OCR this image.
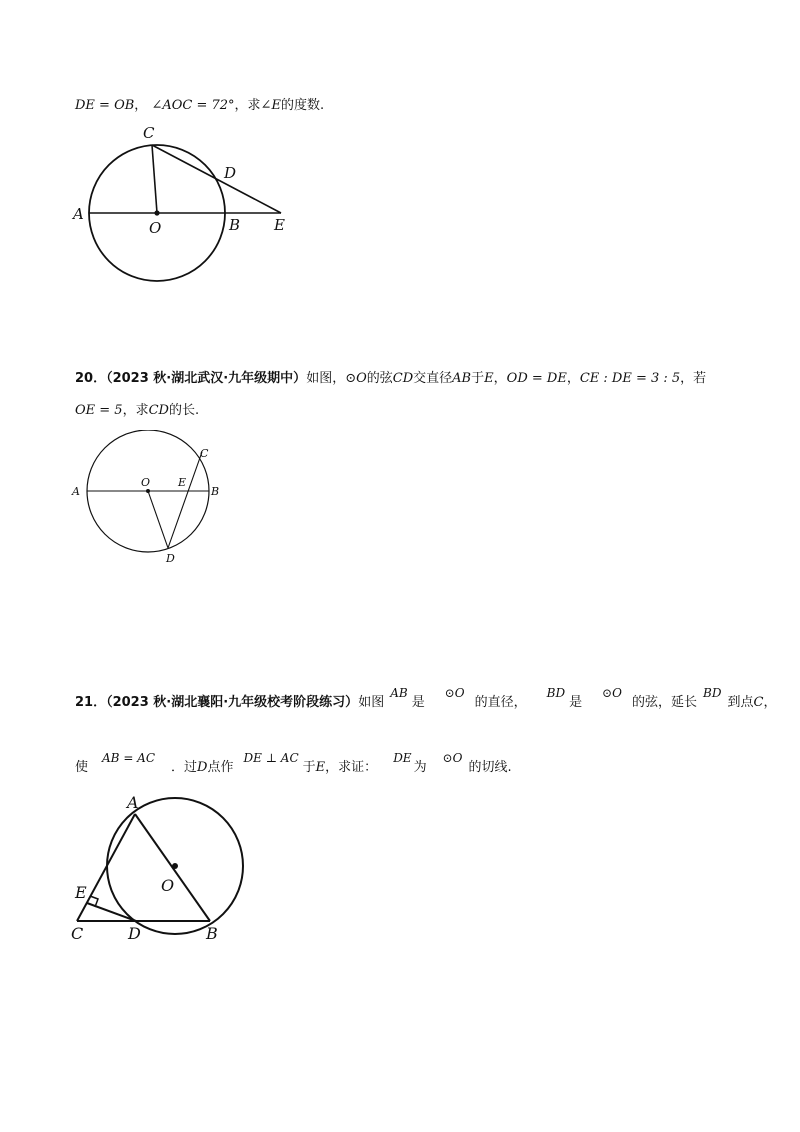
DE = OB， ∠AOC = 72°，求∠E的度数.
A
O	B E
C
D
20．（2023 秋·湖北武汉·九年级期中）如图，⊙O的弦CD交直径AB于E，OD = DE，CE : DE = 3 : 5，若
OE = 5，求CD的长.
A
O	E
B
C
D
21．（2023 秋·湖北襄阳·九年级校考阶段练习）如图AB是⊙O的直径，BD是⊙O的弦，延长BD到点C，
使AB = AC．过D点作DE ⊥ AC于E，求证：DE为⊙O的切线.
A
O
E
C	D	B
